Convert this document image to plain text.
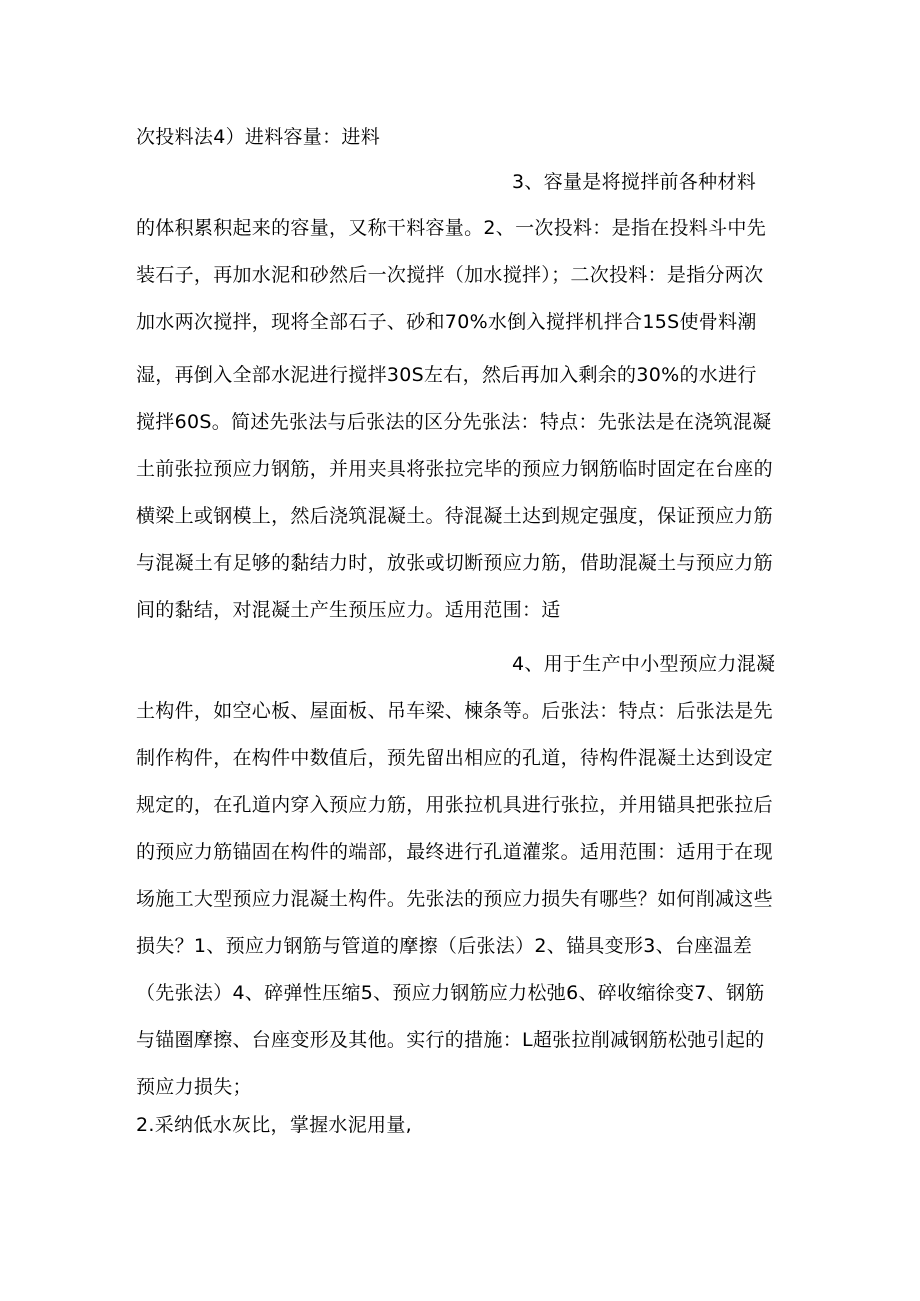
次投料法4）进料容量：进料
3、容量是将搅拌前各种材料
的体积累积起来的容量，又称干料容量。2、一次投料：是指在投料斗中先
装石子，再加水泥和砂然后一次搅拌（加水搅拌）；二次投料：是指分两次
加水两次搅拌，现将全部石子、砂和70%水倒入搅拌机拌合15S使骨料潮
湿，再倒入全部水泥进行搅拌30S左右，然后再加入剩余的30%的水进行
搅拌60S。简述先张法与后张法的区分先张法：特点：先张法是在浇筑混凝
土前张拉预应力钢筋，并用夹具将张拉完毕的预应力钢筋临时固定在台座的
横梁上或钢模上，然后浇筑混凝土。待混凝土达到规定强度，保证预应力筋
与混凝土有足够的黏结力时，放张或切断预应力筋，借助混凝土与预应力筋
间的黏结，对混凝土产生预压应力。适用范围：适
4、用于生产中小型预应力混凝
土构件，如空心板、屋面板、吊车梁、楝条等。后张法：特点：后张法是先
制作构件，在构件中数值后，预先留出相应的孔道，待构件混凝土达到设定
规定的，在孔道内穿入预应力筋，用张拉机具进行张拉，并用锚具把张拉后
的预应力筋锚固在构件的端部，最终进行孔道灌浆。适用范围：适用于在现
场施工大型预应力混凝土构件。先张法的预应力损失有哪些？如何削减这些
损失？1、预应力钢筋与管道的摩擦（后张法）2、锚具变形3、台座温差
（先张法）4、碎弹性压缩5、预应力钢筋应力松弛6、碎收缩徐变7、钢筋
与锚圈摩擦、台座变形及其他。实行的措施：L超张拉削减钢筋松弛引起的
预应力损失；
2.采纳低水灰比，掌握水泥用量,
